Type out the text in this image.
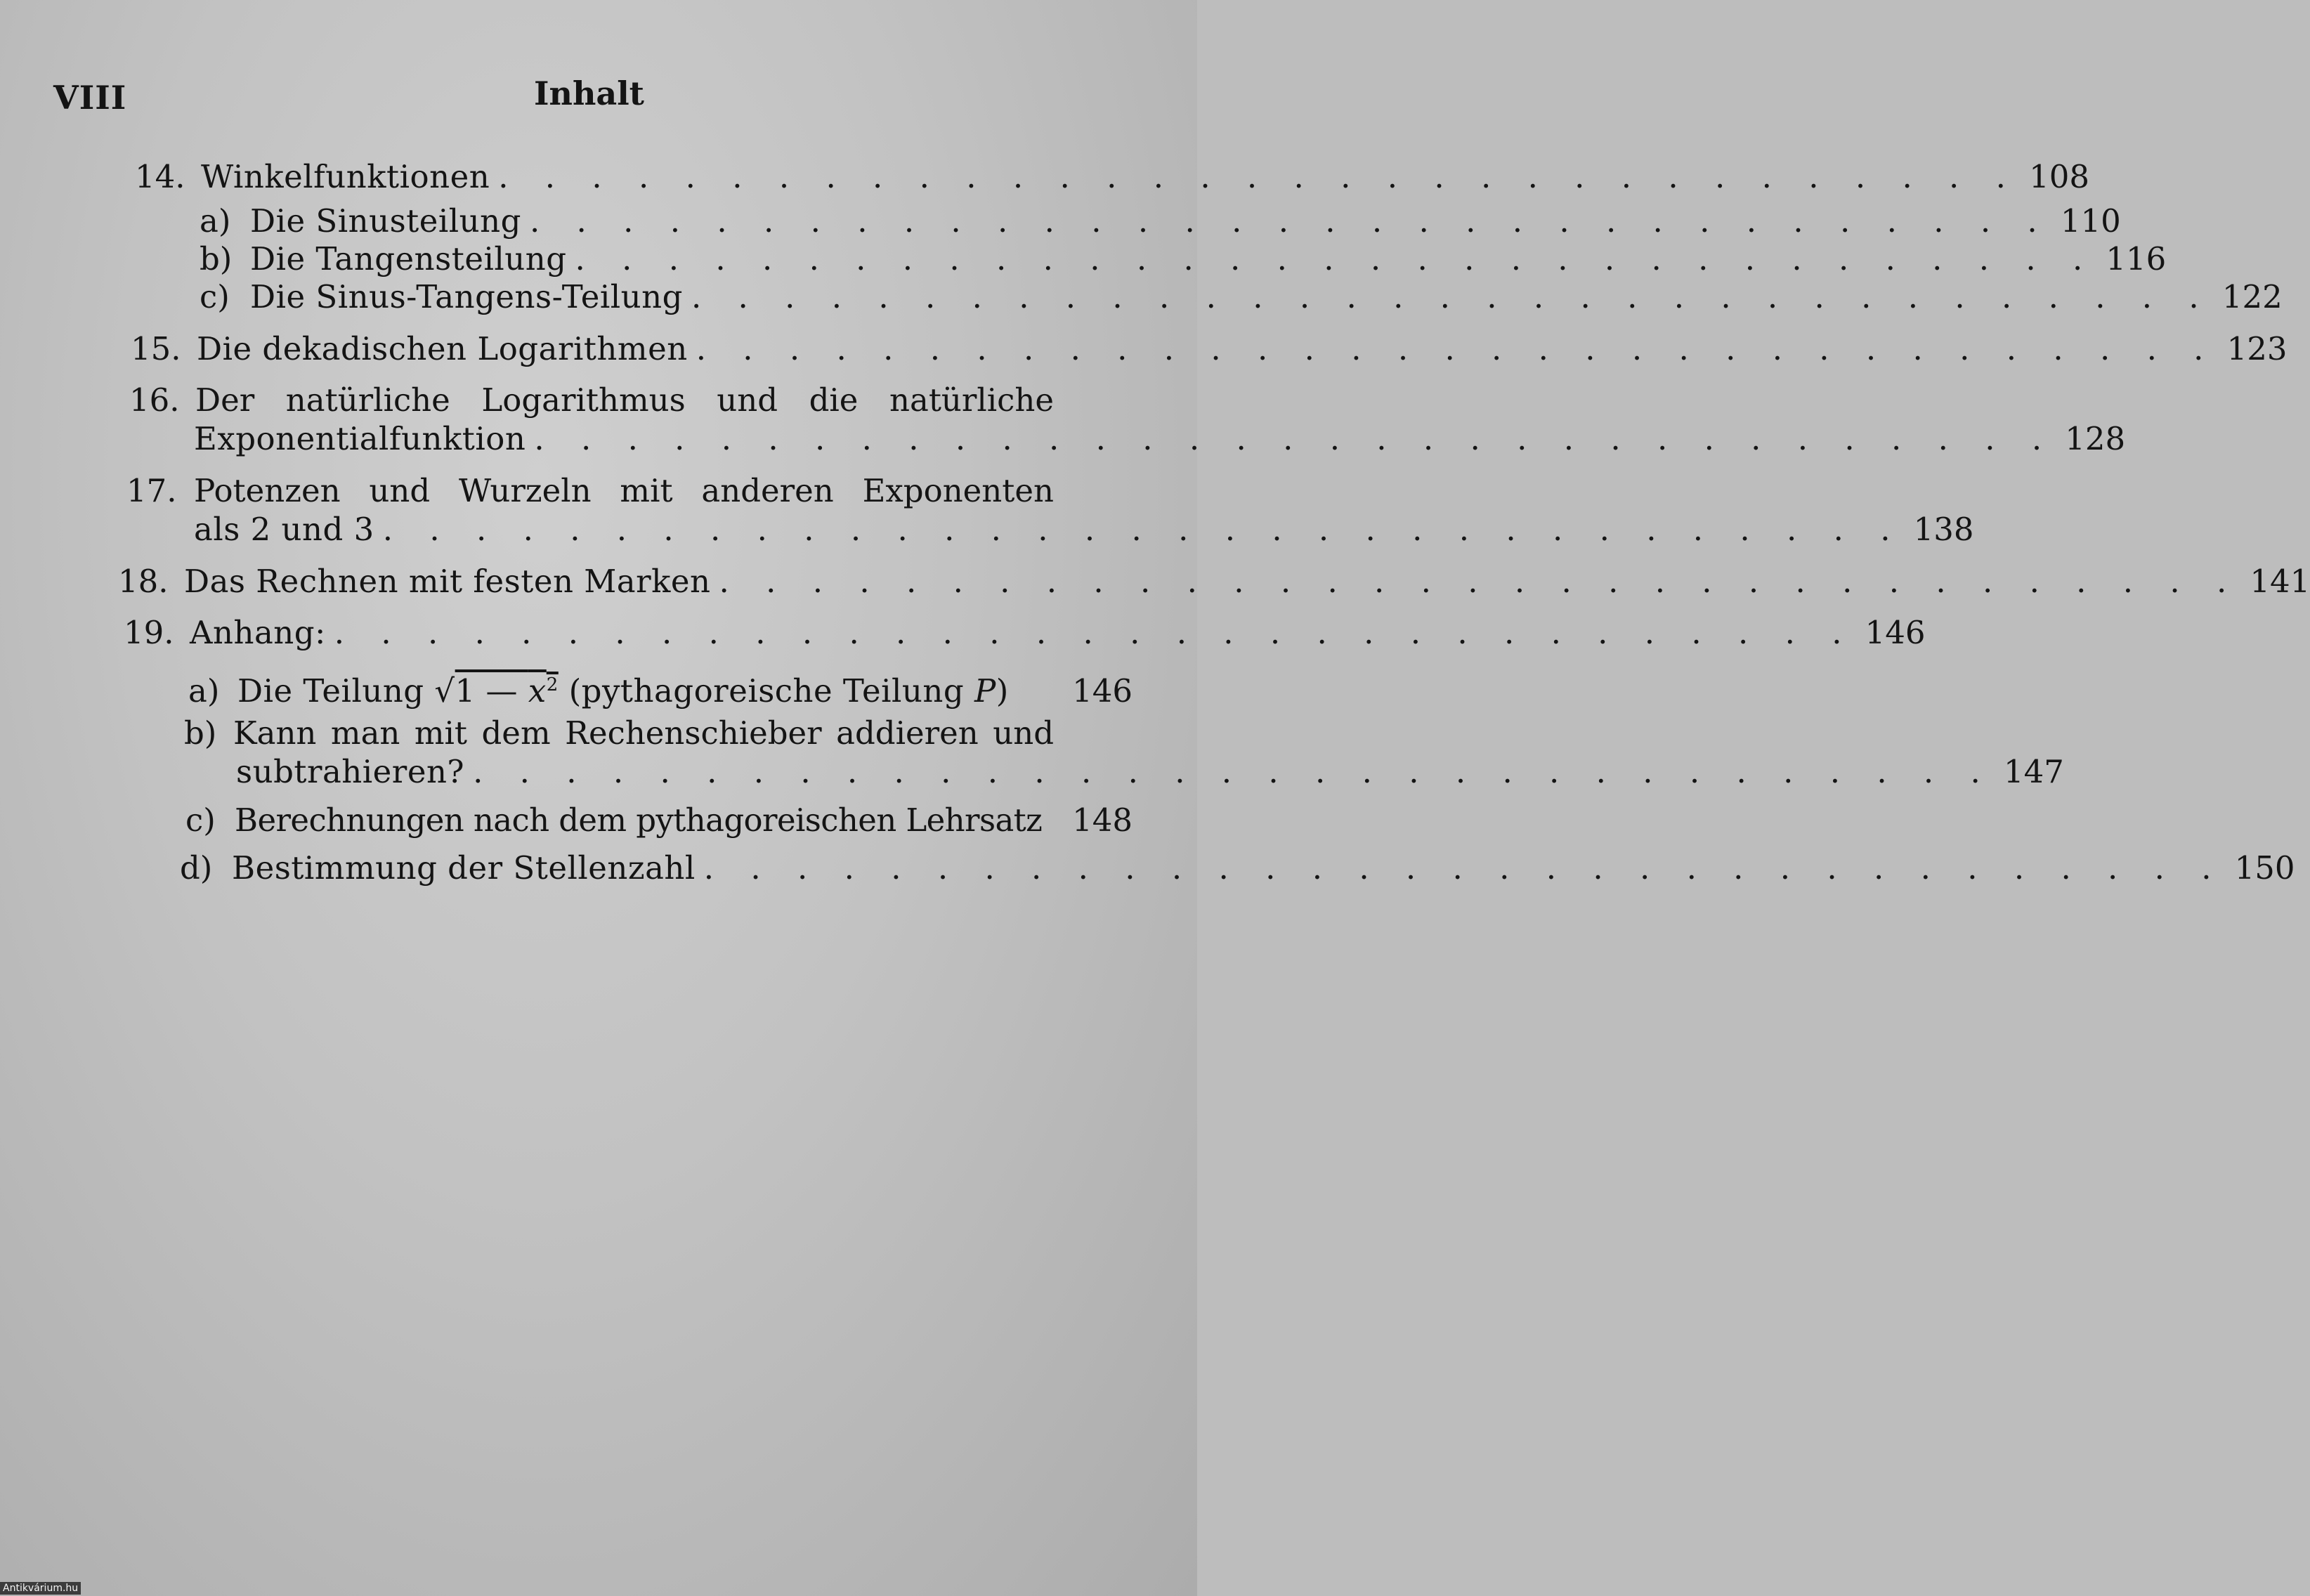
VIII	Inhalt
14. Winkelfunktionen . . . . . . . . . . . . . . . . . . . . . . . . . . . . . . . . . 108
a) Die Sinusteilung . . . . . . . . . . . . . . . . . . . . . . . . . . . . . . . . . 110
b) Die Tangensteilung . . . . . . . . . . . . . . . . . . . . . . . . . . . . . . . . . 116
c) Die Sinus-Tangens-Teilung . . . . . . . . . . . . . . . . . . . . . . . . . . . . . . . . . 122
15. Die dekadischen Logarithmen . . . . . . . . . . . . . . . . . . . . . . . . . . . . . . . . . 123
16. Der natürliche Logarithmus und die natürliche
Exponentialfunktion . . . . . . . . . . . . . . . . . . . . . . . . . . . . . . . . . 128
17. Potenzen und Wurzeln mit anderen Exponenten
als 2 und 3 . . . . . . . . . . . . . . . . . . . . . . . . . . . . . . . . . 138
18. Das Rechnen mit festen Marken . . . . . . . . . . . . . . . . . . . . . . . . . . . . . . . . . 141
19. Anhang: . . . . . . . . . . . . . . . . . . . . . . . . . . . . . . . . . 146
a) Die Teilung √1 — $x^2$ (pythagoreische Teilung P) 146
b) Kann man mit dem Rechenschieber addieren und
subtrahieren? . . . . . . . . . . . . . . . . . . . . . . . . . . . . . . . . . 147
c) Berechnungen nach dem pythagoreischen Lehrsatz 148
d) Bestimmung der Stellenzahl . . . . . . . . . . . . . . . . . . . . . . . . . . . . . . . . . 150
Antikvárium.hu
